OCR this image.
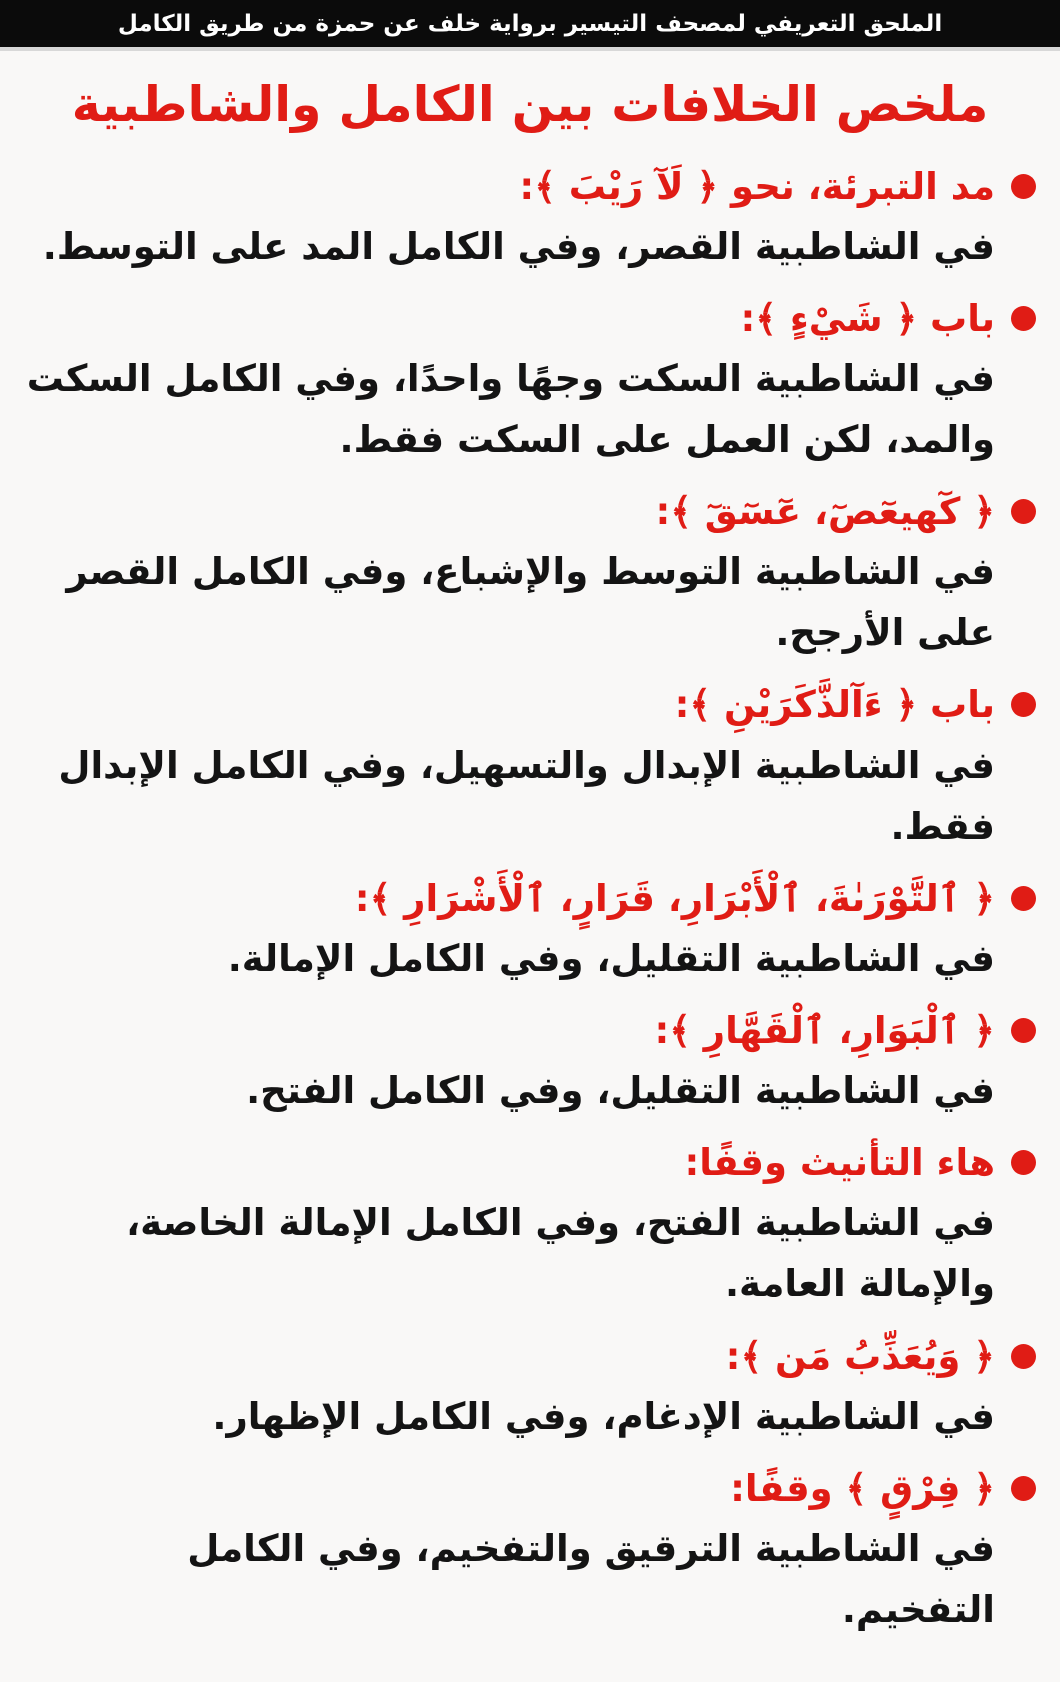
الملحق التعريفي لمصحف التيسير برواية خلف عن حمزة من طريق الكامل
ملخص الخلافات بين الكامل والشاطبية
مد التبرئة، نحو ﴿ لَآ رَيْبَ ﴾:
في الشاطبية القصر، وفي الكامل المد على التوسط.
باب ﴿ شَيْءٍ ﴾:
في الشاطبية السكت وجهًا واحدًا، وفي الكامل السكت والمد، لكن العمل على السكت فقط.
﴿ كٓهيعٓصٓ، عٓسٓقٓ ﴾:
في الشاطبية التوسط والإشباع، وفي الكامل القصر على الأرجح.
باب ﴿ ءَآلذَّكَرَيْنِ ﴾:
في الشاطبية الإبدال والتسهيل، وفي الكامل الإبدال فقط.
﴿ ٱلتَّوْرَىٰةَ، ٱلْأَبْرَارِ، قَرَارٍ، ٱلْأَشْرَارِ ﴾:
في الشاطبية التقليل، وفي الكامل الإمالة.
﴿ ٱلْبَوَارِ، ٱلْقَهَّارِ ﴾:
في الشاطبية التقليل، وفي الكامل الفتح.
هاء التأنيث وقفًا:
في الشاطبية الفتح، وفي الكامل الإمالة الخاصة، والإمالة العامة.
﴿ وَيُعَذِّبُ مَن ﴾:
في الشاطبية الإدغام، وفي الكامل الإظهار.
﴿ فِرْقٍ ﴾ وقفًا:
في الشاطبية الترقيق والتفخيم، وفي الكامل التفخيم.
